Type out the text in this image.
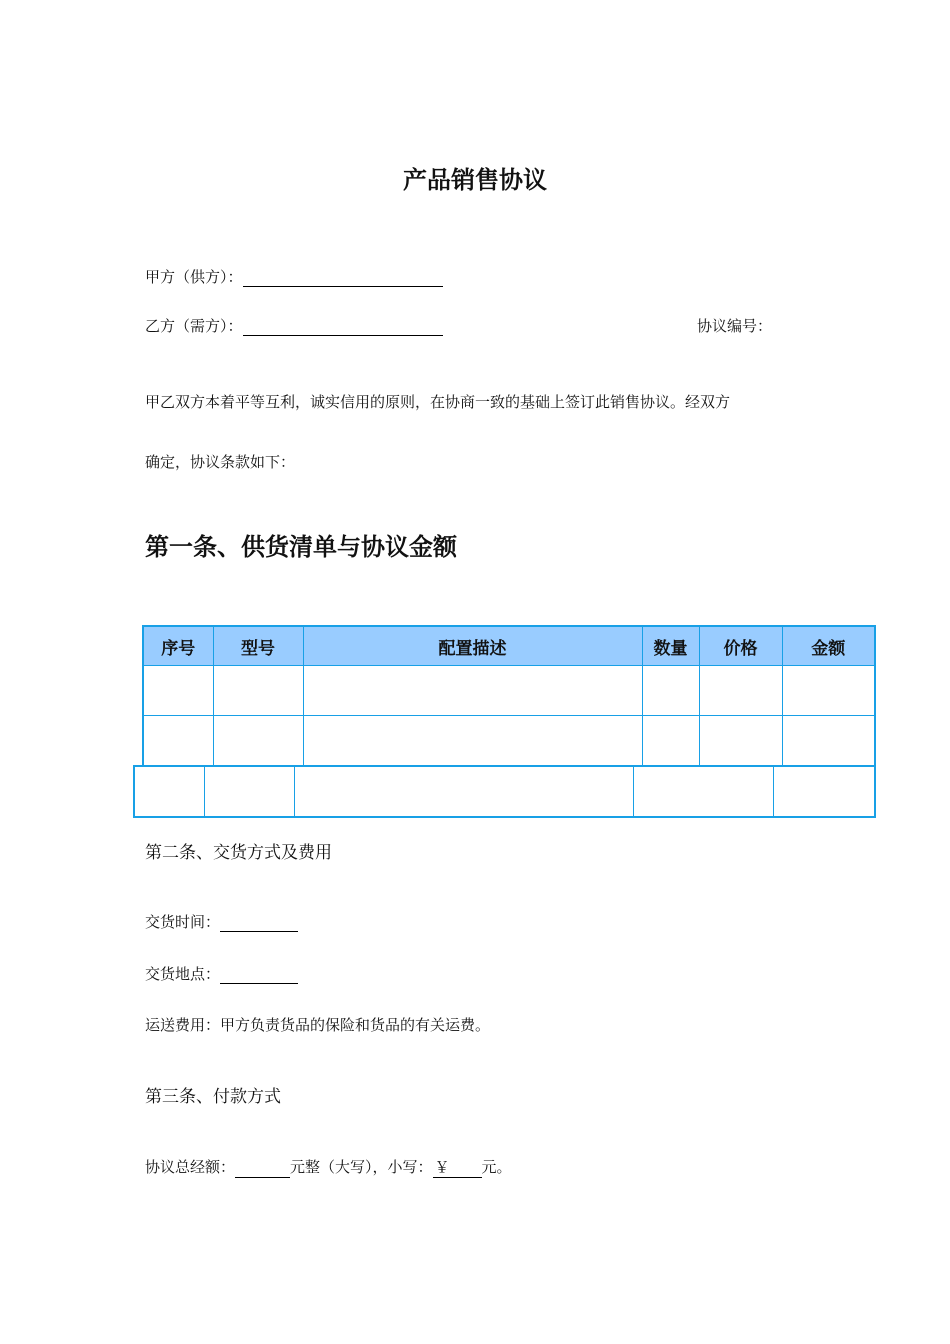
产品销售协议
甲方（供方）：
乙方（需方）：	协议编号：
甲乙双方本着平等互利，诚实信用的原则，在协商一致的基础上签订此销售协议。经双方
确定，协议条款如下：
第一条、供货清单与协议金额
序号	型号	配置描述	数量	价格	金额

第二条、交货方式及费用
交货时间：
交货地点：
运送费用：甲方负责货品的保险和货品的有关运费。
第三条、付款方式
协议总经额：	元整（大写），小写： ￥ 元。
